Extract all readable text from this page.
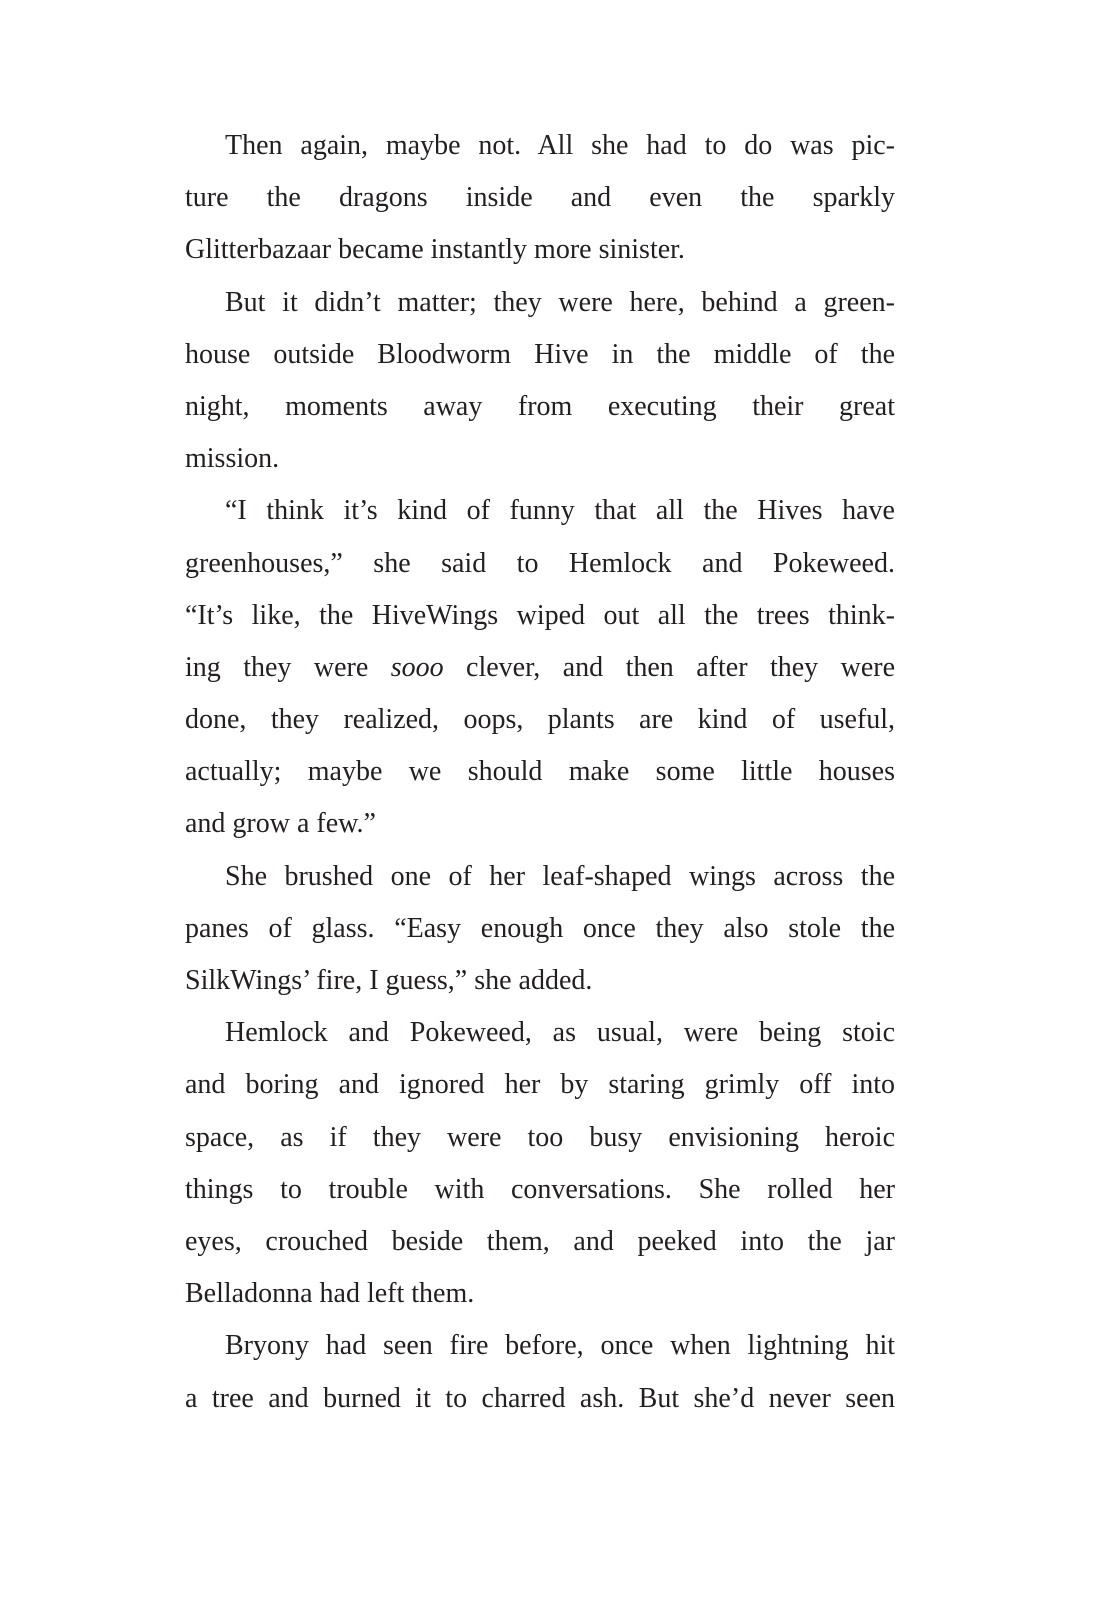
Then again, maybe not. All she had to do was pic-
ture the dragons inside and even the sparkly
Glitterbazaar became instantly more sinister.
But it didn’t matter; they were here, behind a green-
house outside Bloodworm Hive in the middle of the
night, moments away from executing their great
mission.
“I think it’s kind of funny that all the Hives have
greenhouses,” she said to Hemlock and Pokeweed.
“It’s like, the HiveWings wiped out all the trees think-
ing they were sooo clever, and then after they were
done, they realized, oops, plants are kind of useful,
actually; maybe we should make some little houses
and grow a few.”
She brushed one of her leaf-shaped wings across the
panes of glass. “Easy enough once they also stole the
SilkWings’ fire, I guess,” she added.
Hemlock and Pokeweed, as usual, were being stoic
and boring and ignored her by staring grimly off into
space, as if they were too busy envisioning heroic
things to trouble with conversations. She rolled her
eyes, crouched beside them, and peeked into the jar
Belladonna had left them.
Bryony had seen fire before, once when lightning hit
a tree and burned it to charred ash. But she’d never seen
